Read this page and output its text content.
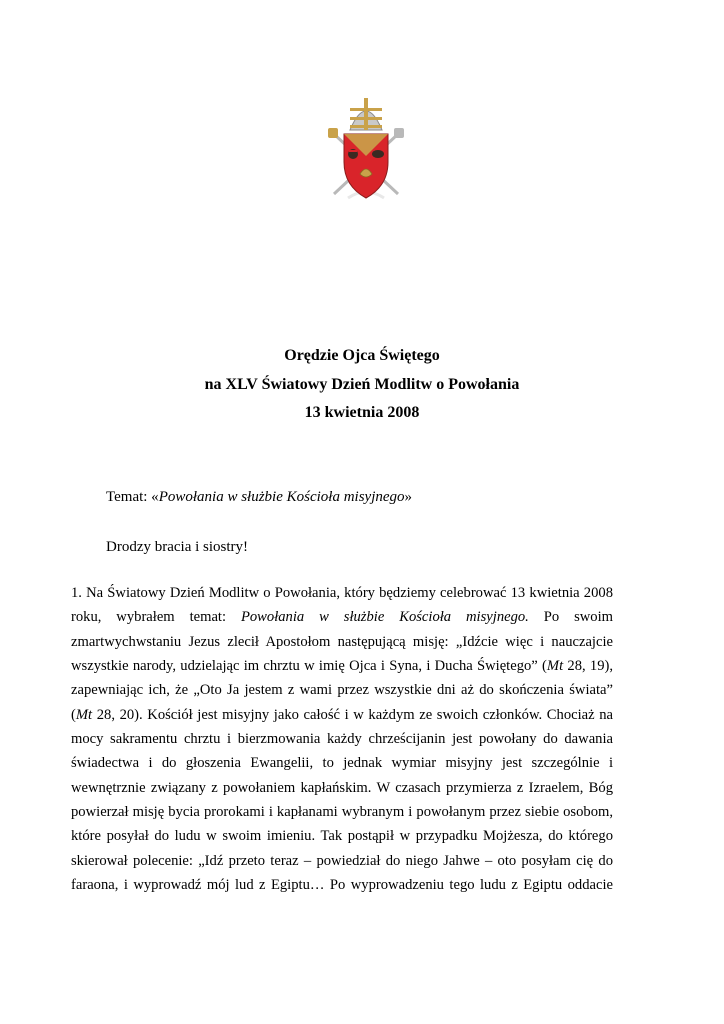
Orędzie Ojca Świętego
na XLV Światowy Dzień Modlitw o Powołania
13 kwietnia 2008
Temat: «Powołania w służbie Kościoła misyjnego»
Drodzy bracia i siostry!
1. Na Światowy Dzień Modlitw o Powołania, który będziemy celebrować 13 kwietnia 2008
roku, wybrałem temat: Powołania w służbie Kościoła misyjnego. Po swoim
zmartwychwstaniu Jezus zlecił Apostołom następującą misję: „Idźcie więc i nauczajcie
wszystkie narody, udzielając im chrztu w imię Ojca i Syna, i Ducha Świętego” (Mt 28, 19),
zapewniając ich, że „Oto Ja jestem z wami przez wszystkie dni aż do skończenia świata”
(Mt 28, 20). Kościół jest misyjny jako całość i w każdym ze swoich członków. Chociaż na
mocy sakramentu chrztu i bierzmowania każdy chrześcijanin jest powołany do dawania
świadectwa i do głoszenia Ewangelii, to jednak wymiar misyjny jest szczególnie i
wewnętrznie związany z powołaniem kapłańskim. W czasach przymierza z Izraelem, Bóg
powierzał misję bycia prorokami i kapłanami wybranym i powołanym przez siebie osobom,
które posyłał do ludu w swoim imieniu. Tak postąpił w przypadku Mojżesza, do którego
skierował polecenie: „Idź przeto teraz – powiedział do niego Jahwe – oto posyłam cię do
faraona, i wyprowadź mój lud z Egiptu… Po wyprowadzeniu tego ludu z Egiptu oddacie
